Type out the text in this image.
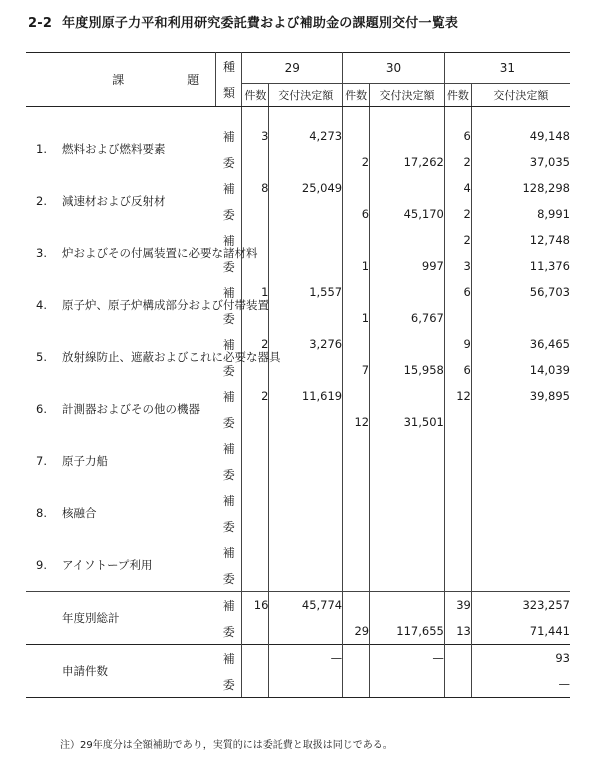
2-2 年度別原子力平和利用研究委託費および補助金の課題別交付一覧表
課 題	種
類	29		30		31	
		件数	交付決定額	件数	交付決定額	件数	交付決定額

1. 燃料および燃料要素	補	3	4,273			6	49,148
	委			2	17,262	2	37,035
2. 減速材および反射材	補	8	25,049			4	128,298
	委			6	45,170	2	8,991
3. 炉およびその付属装置に必要な諸材料	補					2	12,748
	委			1	997	3	11,376
4. 原子炉、原子炉構成部分および付帯装置	補	1	1,557			6	56,703
	委			1	6,767		
5. 放射線防止、遮蔽およびこれに必要な器具	補	2	3,276			9	36,465
	委			7	15,958	6	14,039
6. 計測器およびその他の機器	補	2	11,619			12	39,895
	委			12	31,501		
7. 原子力船	補						
	委						
8. 核融合	補						
	委						
9. アイソトープ利用	補						
	委						
年度別総計	補	16	45,774			39	323,257
	委			29	117,655	13	71,441
申請件数	補		—		—		93
	委						—
注）29年度分は全額補助であり，実質的には委託費と取扱は同じである。
